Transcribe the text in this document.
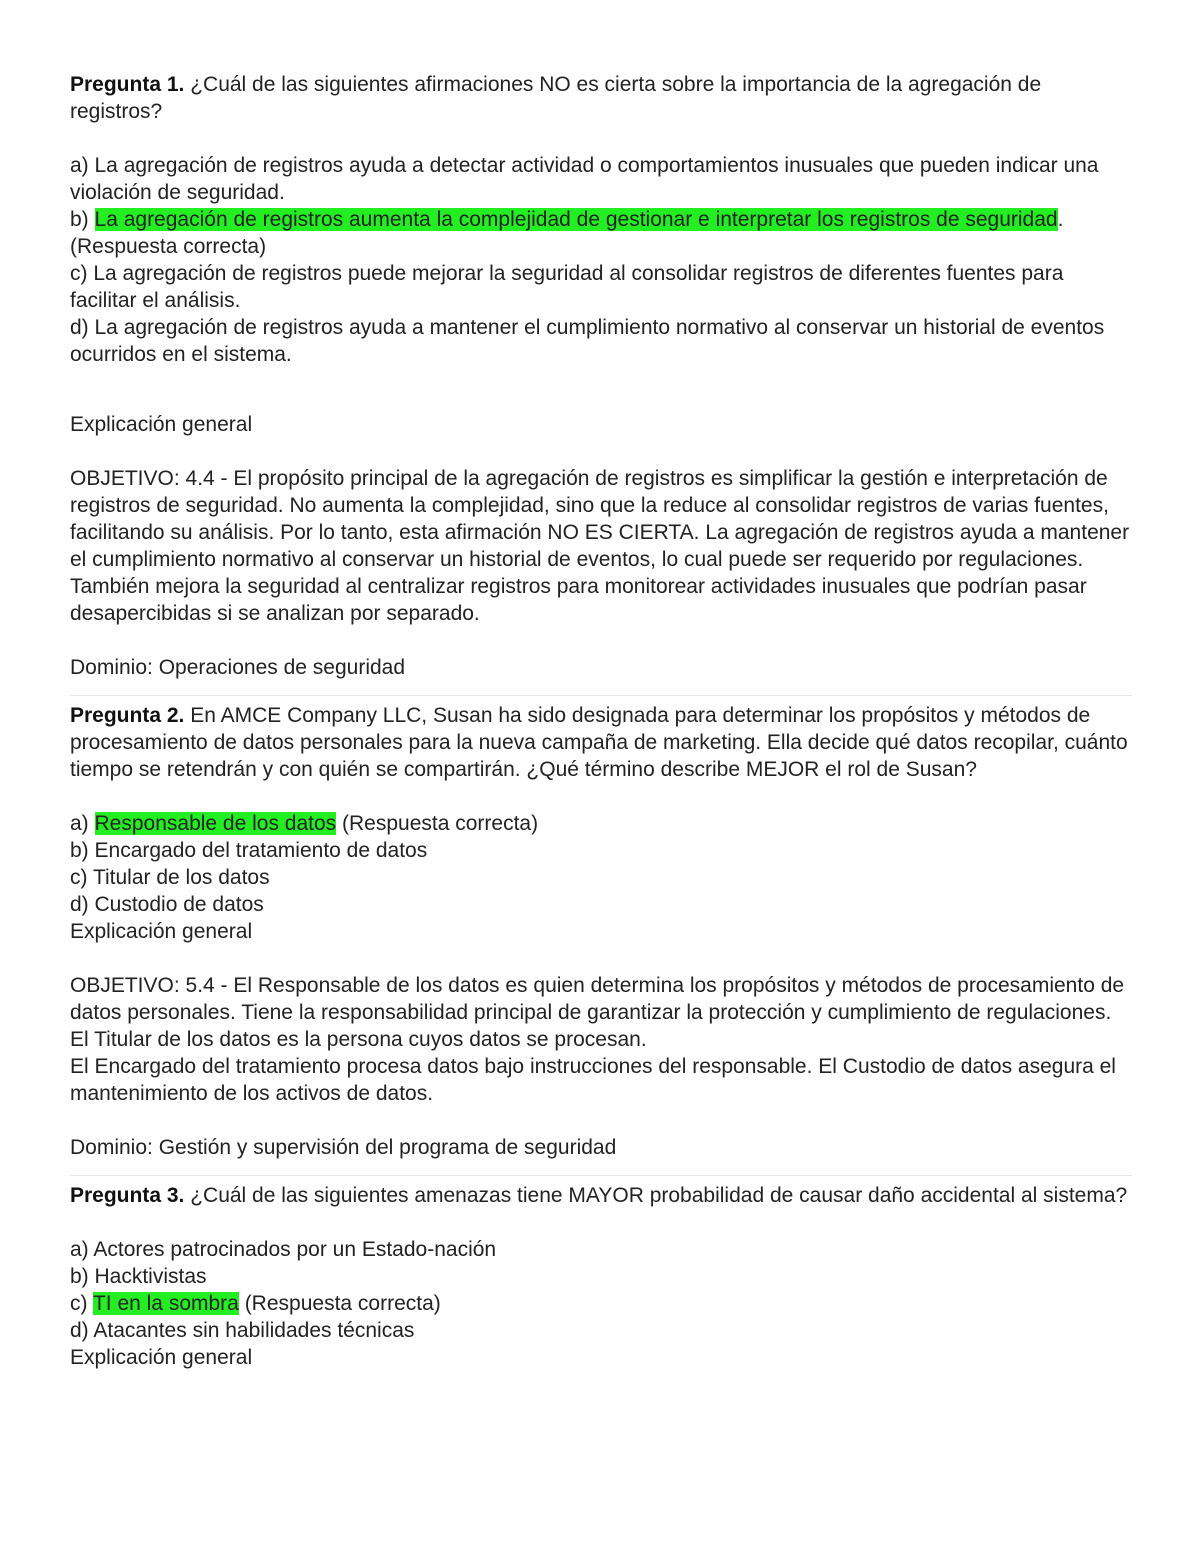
Pregunta 1. ¿Cuál de las siguientes afirmaciones NO es cierta sobre la importancia de la agregación de registros?

a) La agregación de registros ayuda a detectar actividad o comportamientos inusuales que pueden indicar una violación de seguridad.

b) La agregación de registros aumenta la complejidad de gestionar e interpretar los registros de seguridad. (Respuesta correcta)

c) La agregación de registros puede mejorar la seguridad al consolidar registros de diferentes fuentes para facilitar el análisis.

d) La agregación de registros ayuda a mantener el cumplimiento normativo al conservar un historial de eventos ocurridos en el sistema.

Explicación general

OBJETIVO: 4.4 - El propósito principal de la agregación de registros es simplificar la gestión e interpretación de registros de seguridad. No aumenta la complejidad, sino que la reduce al consolidar registros de varias fuentes, facilitando su análisis. Por lo tanto, esta afirmación NO ES CIERTA. La agregación de registros ayuda a mantener el cumplimiento normativo al conservar un historial de eventos, lo cual puede ser requerido por regulaciones. También mejora la seguridad al centralizar registros para monitorear actividades inusuales que podrían pasar desapercibidas si se analizan por separado.

Dominio: Operaciones de seguridad

Pregunta 2. En AMCE Company LLC, Susan ha sido designada para determinar los propósitos y métodos de procesamiento de datos personales para la nueva campaña de marketing. Ella decide qué datos recopilar, cuánto tiempo se retendrán y con quién se compartirán. ¿Qué término describe MEJOR el rol de Susan?

a) Responsable de los datos (Respuesta correcta)

b) Encargado del tratamiento de datos

c) Titular de los datos

d) Custodio de datos

Explicación general

OBJETIVO: 5.4 - El Responsable de los datos es quien determina los propósitos y métodos de procesamiento de datos personales. Tiene la responsabilidad principal de garantizar la protección y cumplimiento de regulaciones. El Titular de los datos es la persona cuyos datos se procesan.

El Encargado del tratamiento procesa datos bajo instrucciones del responsable. El Custodio de datos asegura el mantenimiento de los activos de datos.

Dominio: Gestión y supervisión del programa de seguridad

Pregunta 3. ¿Cuál de las siguientes amenazas tiene MAYOR probabilidad de causar daño accidental al sistema?

a) Actores patrocinados por un Estado-nación

b) Hacktivistas

c) TI en la sombra (Respuesta correcta)

d) Atacantes sin habilidades técnicas

Explicación general
